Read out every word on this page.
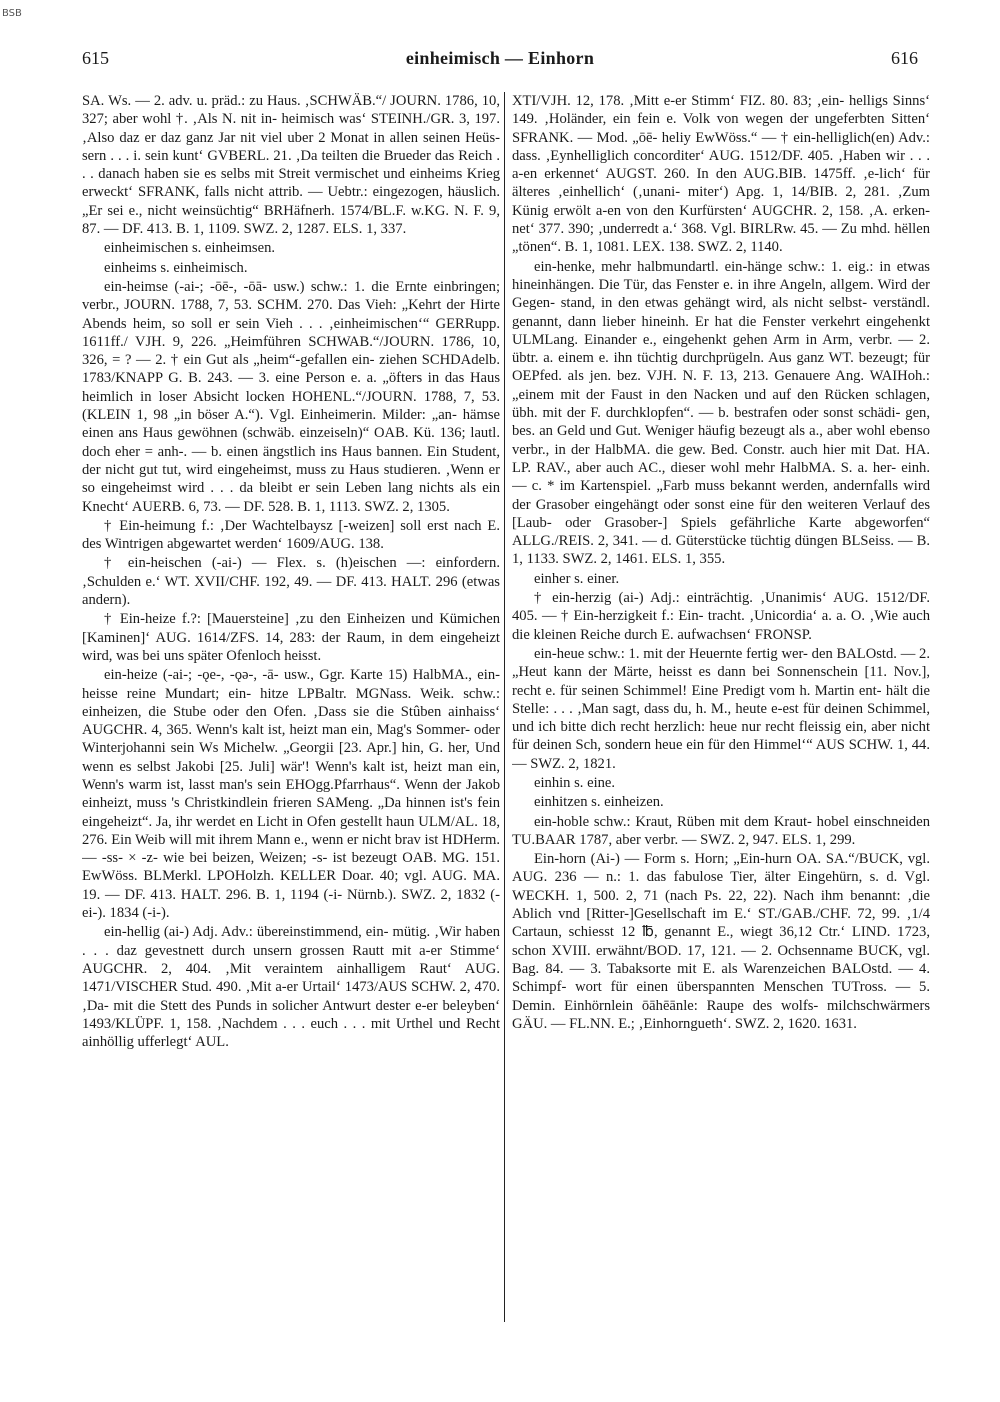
BSB
615	einheimisch — Einhorn	616

SA. Ws. — 2. adv. u. präd.: zu Haus. ‚SCHWÄB.“/ JOURN. 1786, 10, 327; aber wohl †. ‚Als N. nit in- heimisch was‘ STEINH./GR. 3, 197. ‚Also daz er daz ganz Jar nit viel uber 2 Monat in allen seinen Heüs- sern . . . i. sein kunt‘ GVBERL. 21. ‚Da teilten die Brueder das Reich . . . danach haben sie es selbs mit Streit vermischet und einheims Krieg erweckt‘ SFRANK, falls nicht attrib. — Uebtr.: eingezogen, häuslich. „Er sei e., nicht weinsüchtig“ BRHäfnerh. 1574/BL.F. w.KG. N. F. 9, 87. — DF. 413. B. 1, 1109. SWZ. 2, 1287. ELS. 1, 337.

einheimischen s. einheimsen.

einheims s. einheimisch.

ein-heimse (-ai-; -ōē-, -ōā- usw.) schw.: 1. die Ernte einbringen; verbr., JOURN. 1788, 7, 53. SCHM. 270. Das Vieh: „Kehrt der Hirte Abends heim, so soll er sein Vieh . . . ‚einheimischen‘“ GERRupp. 1611ff./ VJH. 9, 226. „Heimführen SCHWAB.“/JOURN. 1786, 10, 326, = ? — 2. † ein Gut als „heim“-gefallen ein- ziehen SCHDAdelb. 1783/KNAPP G. B. 243. — 3. eine Person e. a. „öfters in das Haus heimlich in loser Absicht locken HOHENL.“/JOURN. 1788, 7, 53. (KLEIN 1, 98 „in böser A.“). Vgl. Einheimerin. Milder: „an- hämse einen ans Haus gewöhnen (schwäb. einzeiseln)“ OAB. Kü. 136; lautl. doch eher = anh-. — b. einen ängstlich ins Haus bannen. Ein Student, der nicht gut tut, wird eingeheimst, muss zu Haus studieren. ‚Wenn er so eingeheimst wird . . . da bleibt er sein Leben lang nichts als ein Knecht‘ AUERB. 6, 73. — DF. 528. B. 1, 1113. SWZ. 2, 1305.

† Ein-heimung f.: ‚Der Wachtelbaysz [-weizen] soll erst nach E. des Wintrigen abgewartet werden‘ 1609/AUG. 138.

† ein-heischen (-ai-) — Flex. s. (h)eischen —: einfordern. ‚Schulden e.‘ WT. XVII/CHF. 192, 49. — DF. 413. HALT. 296 (etwas andern).

† Ein-heize f.?: [Mauersteine] ‚zu den Einheizen und Kümichen [Kaminen]‘ AUG. 1614/ZFS. 14, 283: der Raum, in dem eingeheizt wird, was bei uns später Ofenloch heisst.

ein-heize (-ai-; -ǫe-, -ǫǝ-, -ā- usw., Ggr. Karte 15) HalbMA., ein-heisse reine Mundart; ein- hitze LPBaltr. MGNass. Weik. schw.: einheizen, die Stube oder den Ofen. ‚Dass sie die Stûben ainhaiss‘ AUGCHR. 4, 365. Wenn's kalt ist, heizt man ein, Mag's Sommer- oder Winterjohanni sein Ws Michelw. „Georgii [23. Apr.] hin, G. her, Und wenn es selbst Jakobi [25. Juli] wär'! Wenn's kalt ist, heizt man ein, Wenn's warm ist, lasst man's sein EHOgg.Pfarrhaus“. Wenn der Jakob einheizt, muss 's Christkindlein frieren SAMeng. „Da hinnen ist's fein eingeheizt“. Ja, ihr werdet en Licht in Ofen gestellt haun ULM/AL. 18, 276. Ein Weib will mit ihrem Mann e., wenn er nicht brav ist HDHerm. — -ss- × -z- wie bei beizen, Weizen; -s- ist bezeugt OAB. MG. 151. EwWöss. BLMerkl. LPOHolzh. KELLER Doar. 40; vgl. AUG. MA. 19. — DF. 413. HALT. 296. B. 1, 1194 (-i- Nürnb.). SWZ. 2, 1832 (-ei-). 1834 (-i-).

ein-hellig (ai-) Adj. Adv.: übereinstimmend, ein- mütig. ‚Wir haben . . . daz gevestnett durch unsern grossen Rautt mit a-er Stimme‘ AUGCHR. 2, 404. ‚Mit veraintem ainhalligem Raut‘ AUG. 1471/VISCHER Stud. 490. ‚Mit a-er Urtail‘ 1473/AUS SCHW. 2, 470. ‚Da- mit die Stett des Punds in solicher Antwurt dester e-er beleyben‘ 1493/KLÜPF. 1, 158. ‚Nachdem . . . euch . . . mit Urthel und Recht ainhöllig ufferlegt‘ AUL.

XTI/VJH. 12, 178. ‚Mitt e-er Stimm‘ FIZ. 80. 83; ‚ein- helligs Sinns‘ 149. ‚Holänder, ein fein e. Volk von wegen der ungeferbten Sitten‘ SFRANK. — Mod. „ōē- heliy EwWöss.“ — † ein-helliglich(en) Adv.: dass. ‚Eynhelliglich concorditer‘ AUG. 1512/DF. 405. ‚Haben wir . . . a-en erkennet‘ AUGST. 260. In den AUG.BIB. 1475ff. ‚e-lich‘ für älteres ‚einhellich‘ (‚unani- miter‘) Apg. 1, 14/BIB. 2, 281. ‚Zum Künig erwölt a-en von den Kurfürsten‘ AUGCHR. 2, 158. ‚A. erken- net‘ 377. 390; ‚underredt a.‘ 368. Vgl. BIRLRw. 45. — Zu mhd. hëllen „tönen“. B. 1, 1081. LEX. 138. SWZ. 2, 1140.

ein-henke, mehr halbmundartl. ein-hänge schw.: 1. eig.: in etwas hineinhängen. Die Tür, das Fenster e. in ihre Angeln, allgem. Wird der Gegen- stand, in den etwas gehängt wird, als nicht selbst- verständl. genannt, dann lieber hineinh. Er hat die Fenster verkehrt eingehenkt ULMLang. Einander e., eingehenkt gehen Arm in Arm, verbr. — 2. übtr. a. einem e. ihn tüchtig durchprügeln. Aus ganz WT. bezeugt; für OEPfed. als jen. bez. VJH. N. F. 13, 213. Genauere Ang. WAIHoh.: „einem mit der Faust in den Nacken und auf den Rücken schlagen, übh. mit der F. durchklopfen“. — b. bestrafen oder sonst schädi- gen, bes. an Geld und Gut. Weniger häufig bezeugt als a., aber wohl ebenso verbr., in der HalbMA. die gew. Bed. Constr. auch hier mit Dat. HA. LP. RAV., aber auch AC., dieser wohl mehr HalbMA. S. a. her- einh. — c. * im Kartenspiel. „Farb muss bekannt werden, andernfalls wird der Grasober eingehängt oder sonst eine für den weiteren Verlauf des [Laub- oder Grasober-] Spiels gefährliche Karte abgeworfen“ ALLG./REIS. 2, 341. — d. Güterstücke tüchtig düngen BLSeiss. — B. 1, 1133. SWZ. 2, 1461. ELS. 1, 355.

einher s. einer.

† ein-herzig (ai-) Adj.: einträchtig. ‚Unanimis‘ AUG. 1512/DF. 405. — † Ein-herzigkeit f.: Ein- tracht. ‚Unicordia‘ a. a. O. ‚Wie auch die kleinen Reiche durch E. aufwachsen‘ FRONSP.

ein-heue schw.: 1. mit der Heuernte fertig wer- den BALOstd. — 2. „Heut kann der Märte, heisst es dann bei Sonnenschein [11. Nov.], recht e. für seinen Schimmel! Eine Predigt vom h. Martin ent- hält die Stelle: . . . ‚Man sagt, dass du, h. M., heute e-est für deinen Schimmel, und ich bitte dich recht herzlich: heue nur recht fleissig ein, aber nicht für deinen Sch, sondern heue ein für den Himmel‘“ AUS SCHW. 1, 44. — SWZ. 2, 1821.

einhin s. eine.

einhitzen s. einheizen.

ein-hoble schw.: Kraut, Rüben mit dem Kraut- hobel einschneiden TU.BAAR 1787, aber verbr. — SWZ. 2, 947. ELS. 1, 299.

Ein-horn (Ai-) — Form s. Horn; „Ein-hurn OA. SA.“/BUCK, vgl. AUG. 236 — n.: 1. das fabulose Tier, älter Eingehürn, s. d. Vgl. WECKH. 1, 500. 2, 71 (nach Ps. 22, 22). Nach ihm benannt: ‚die Ablich vnd [Ritter-]Gesellschaft im E.‘ ST./GAB./CHF. 72, 99. ‚1/4 Cartaun, schiesst 12 ℔, genannt E., wiegt 36,12 Ctr.‘ LIND. 1723, schon XVIII. erwähnt/BOD. 17, 121. — 2. Ochsenname BUCK, vgl. Bag. 84. — 3. Tabaksorte mit E. als Warenzeichen BALOstd. — 4. Schimpf- wort für einen überspannten Menschen TUTross. — 5. Demin. Einhörnlein ōāhēānle: Raupe des wolfs- milchschwärmers GÄU. — FL.NN. E.; ‚Einhorngueth‘. SWZ. 2, 1620. 1631.
